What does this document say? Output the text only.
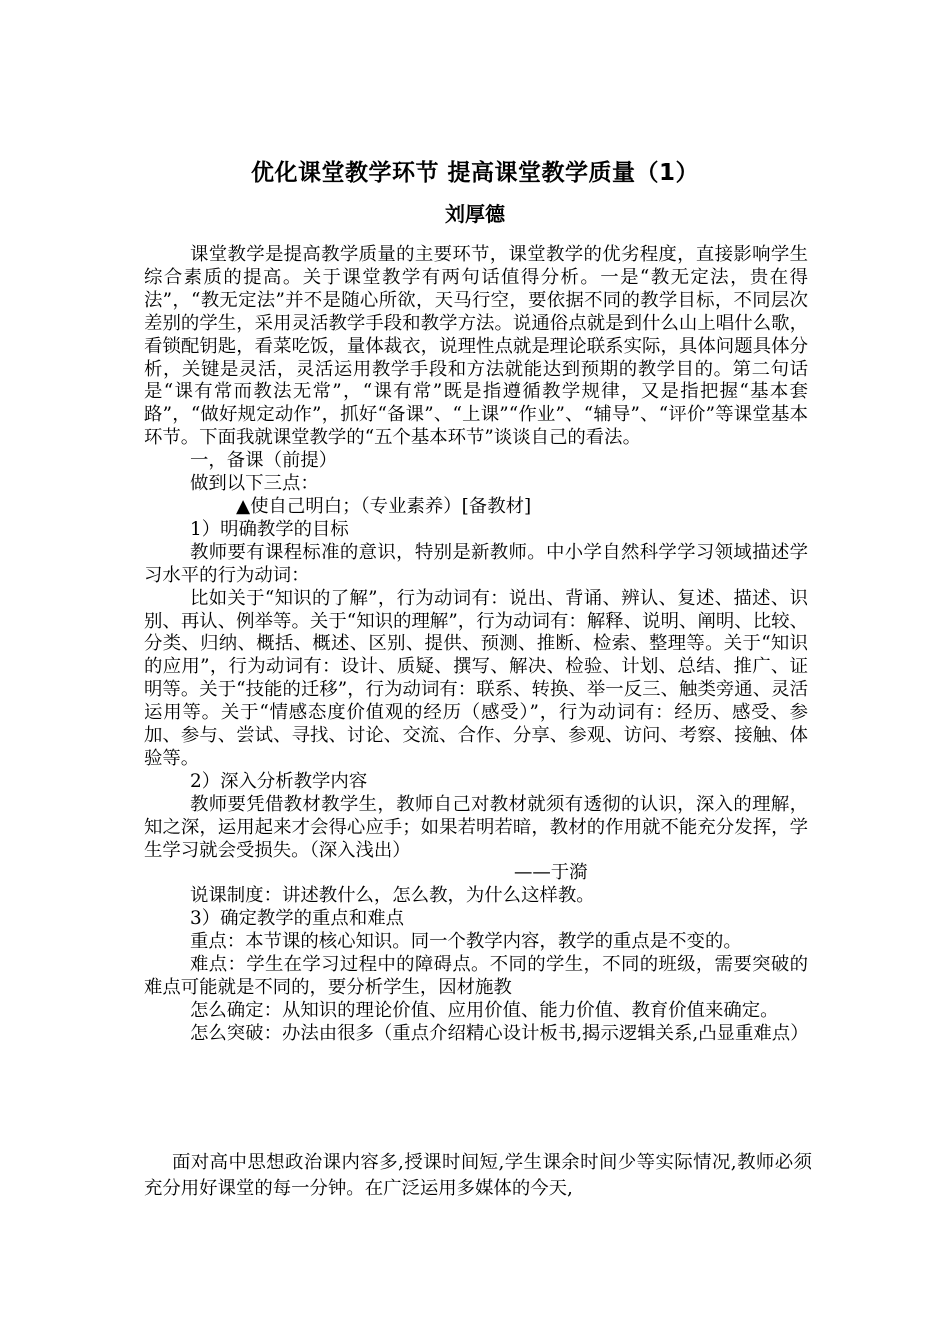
优化课堂教学环节 提高课堂教学质量（1）
刘厚德

课堂教学是提高教学质量的主要环节，课堂教学的优劣程度，直接影响学生综合素质的提高。关于课堂教学有两句话值得分析。一是“教无定法，贵在得法”，“教无定法”并不是随心所欲，天马行空，要依据不同的教学目标，不同层次差别的学生，采用灵活教学手段和教学方法。说通俗点就是到什么山上唱什么歌，看锁配钥匙，看菜吃饭，量体裁衣，说理性点就是理论联系实际，具体问题具体分析，关键是灵活，灵活运用教学手段和方法就能达到预期的教学目的。第二句话是“课有常而教法无常”，“课有常”既是指遵循教学规律，又是指把握“基本套路”，“做好规定动作”，抓好“备课”、“上课”“作业”、“辅导”、“评价”等课堂基本环节。下面我就课堂教学的“五个基本环节”谈谈自己的看法。

一，备课（前提）

做到以下三点：

▲使自己明白；（专业素养）[备教材]

1）明确教学的目标

教师要有课程标准的意识，特别是新教师。中小学自然科学学习领域描述学习水平的行为动词：

比如关于“知识的了解”，行为动词有：说出、背诵、辨认、复述、描述、识别、再认、例举等。关于“知识的理解”，行为动词有：解释、说明、阐明、比较、分类、归纳、概括、概述、区别、提供、预测、推断、检索、整理等。关于“知识的应用”，行为动词有：设计、质疑、撰写、解决、检验、计划、总结、推广、证明等。关于“技能的迁移”，行为动词有：联系、转换、举一反三、触类旁通、灵活运用等。关于“情感态度价值观的经历（感受）”，行为动词有：经历、感受、参加、参与、尝试、寻找、讨论、交流、合作、分享、参观、访问、考察、接触、体验等。

2）深入分析教学内容

教师要凭借教材教学生，教师自己对教材就须有透彻的认识，深入的理解，知之深，运用起来才会得心应手；如果若明若暗，教材的作用就不能充分发挥，学生学习就会受损失。（深入浅出）

——于漪

说课制度：讲述教什么，怎么教，为什么这样教。

3）确定教学的重点和难点

重点：本节课的核心知识。同一个教学内容，教学的重点是不变的。

难点：学生在学习过程中的障碍点。不同的学生，不同的班级，需要突破的难点可能就是不同的，要分析学生，因材施教

怎么确定：从知识的理论价值、应用价值、能力价值、教育价值来确定。

怎么突破：办法由很多（重点介绍精心设计板书,揭示逻辑关系,凸显重难点）

面对高中思想政治课内容多,授课时间短,学生课余时间少等实际情况,教师必须充分用好课堂的每一分钟。在广泛运用多媒体的今天,
